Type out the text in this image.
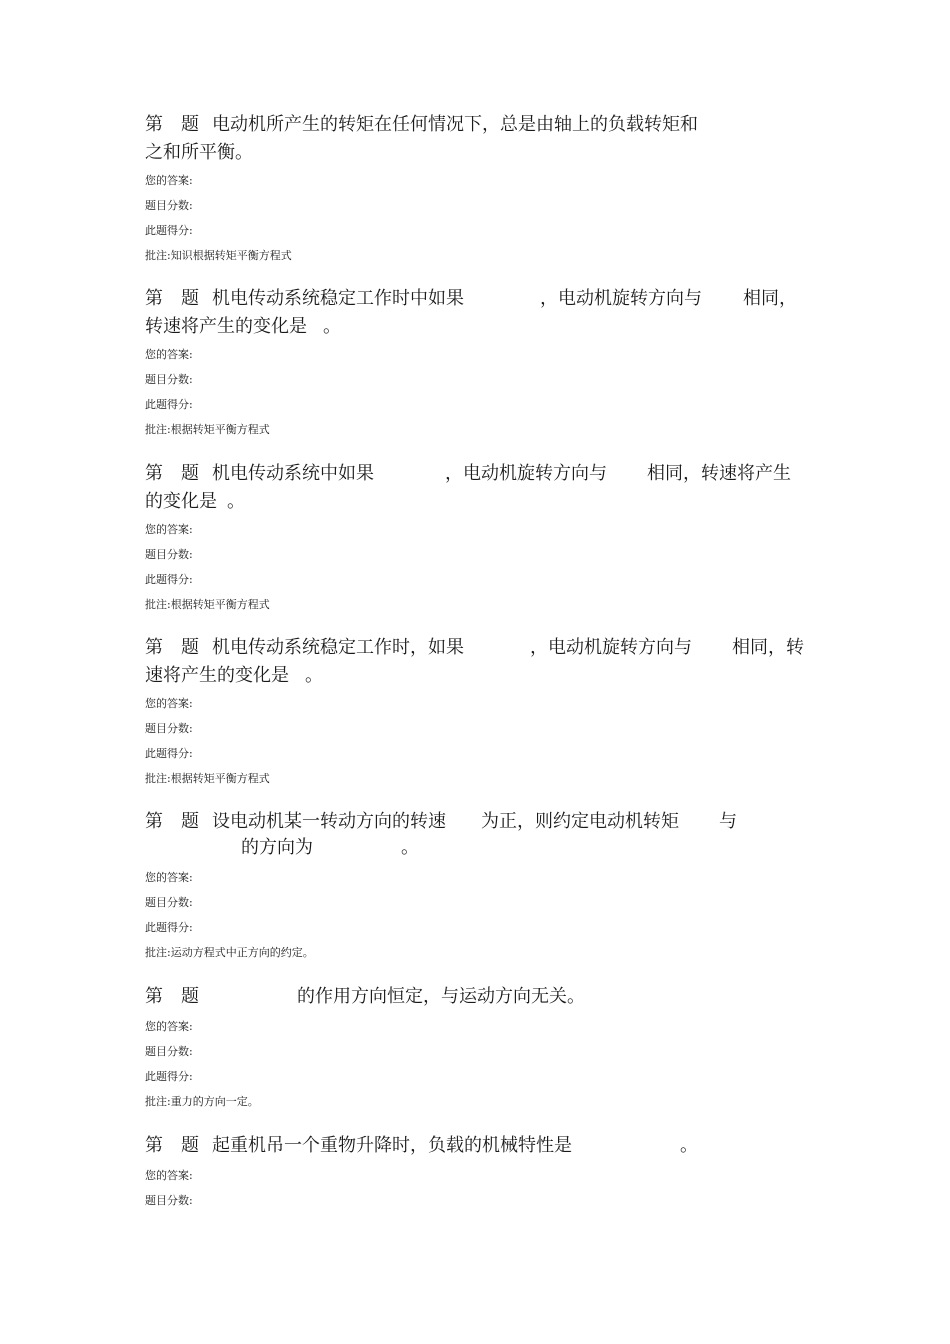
第 题 电动机所产生的转矩在任何情况下，总是由轴上的负载转矩和
之和所平衡。
您的答案:
题目分数:
此题得分:
批注:知识根据转矩平衡方程式
第 题 机电传动系统稳定工作时中如果	，电动机旋转方向与 相同，
转速将产生的变化是 。
您的答案:
题目分数:
此题得分:
批注:根据转矩平衡方程式
第 题 机电传动系统中如果	，电动机旋转方向与 相同，转速将产生
的变化是 。
您的答案:
题目分数:
此题得分:
批注:根据转矩平衡方程式
第 题 机电传动系统稳定工作时，如果	，电动机旋转方向与 相同，转
速将产生的变化是 。
您的答案:
题目分数:
此题得分:
批注:根据转矩平衡方程式
第 题 设电动机某一转动方向的转速 为正，则约定电动机转矩 与
的方向为	。
您的答案:
题目分数:
此题得分:
批注:运动方程式中正方向的约定。
第 题	的作用方向恒定，与运动方向无关。
您的答案:
题目分数:
此题得分:
批注:重力的方向一定。
第 题 起重机吊一个重物升降时，负载的机械特性是	。
您的答案:
题目分数:
